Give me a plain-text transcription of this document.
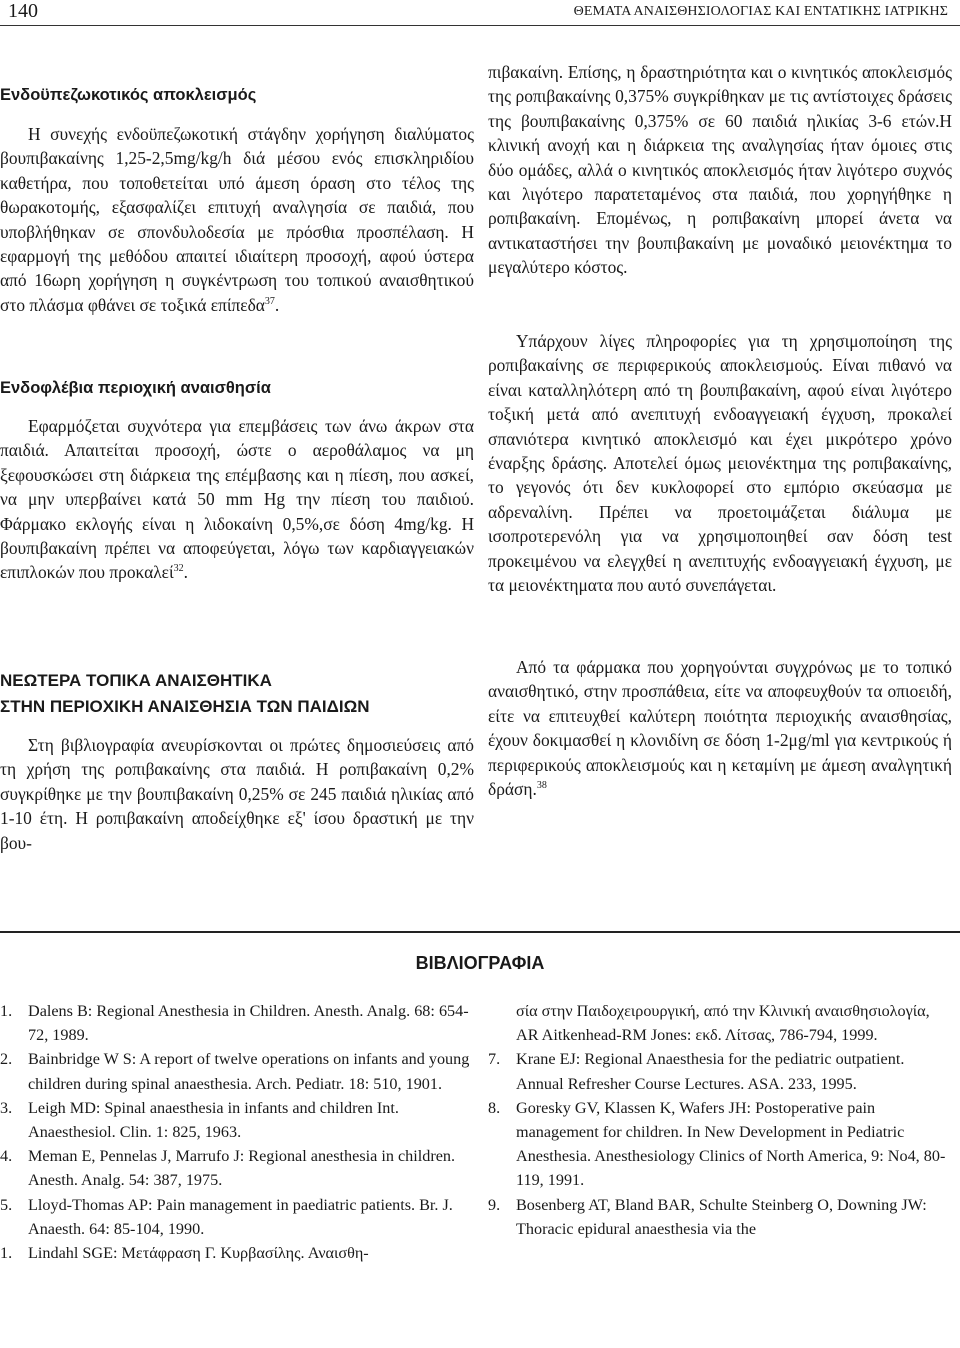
140	ΘΕΜΑΤΑ ΑΝΑΙΣΘΗΣΙΟΛΟΓΙΑΣ ΚΑΙ ΕΝΤΑΤΙΚΗΣ ΙΑΤΡΙΚΗΣ
Ενδοϋπεζωκοτικός αποκλεισμός

Η συνεχής ενδοϋπεζωκοτική στάγδην χορήγηση διαλύματος βουπιβακαίνης 1,25-2,5mg/kg/h διά μέσου ενός επισκληριδίου καθετήρα, που τοποθετείται υπό άμεση όραση στο τέλος της θωρακοτομής, εξασφαλίζει επιτυχή αναλγησία σε παιδιά, που υποβλήθηκαν σε σπονδυλοδεσία με πρόσθια προσπέλαση. Η εφαρμογή της μεθόδου απαιτεί ιδιαίτερη προσοχή, αφού ύστερα από 16ωρη χορήγηση η συγκέντρωση του τοπικού αναισθητικού στο πλάσμα φθάνει σε τοξικά επίπεδα$^{37}$.

Ενδοφλέβια περιοχική αναισθησία

Εφαρμόζεται συχνότερα για επεμβάσεις των άνω άκρων στα παιδιά. Απαιτείται προσοχή, ώστε ο αεροθάλαμος να μη ξεφουσκώσει στη διάρκεια της επέμβασης και η πίεση, που ασκεί, να μην υπερβαίνει κατά 50 mm Hg την πίεση του παιδιού. Φάρμακο εκλογής είναι η λιδοκαίνη 0,5%,σε δόση 4mg/kg. Η βουπιβακαίνη πρέπει να αποφεύγεται, λόγω των καρδιαγγειακών επιπλοκών που προκαλεί$^{32}$.

ΝΕΩΤΕΡΑ ΤΟΠΙΚΑ ΑΝΑΙΣΘΗΤΙΚΑ
ΣΤΗΝ ΠΕΡΙΟΧΙΚΗ ΑΝΑΙΣΘΗΣΙΑ ΤΩΝ ΠΑΙΔΙΩΝ

Στη βιβλιογραφία ανευρίσκονται οι πρώτες δημοσιεύσεις από τη χρήση της ροπιβακαίνης στα παιδιά. Η ροπιβακαίνη 0,2% συγκρίθηκε με την βουπιβακαίνη 0,25% σε 245 παιδιά ηλικίας από 1-10 έτη. Η ροπιβακαίνη αποδείχθηκε εξ' ίσου δραστική με την βου-

πιβακαίνη. Επίσης, η δραστηριότητα και ο κινητικός αποκλεισμός της ροπιβακαίνης 0,375% συγκρίθηκαν με τις αντίστοιχες δράσεις της βουπιβακαίνης 0,375% σε 60 παιδιά ηλικίας 3-6 ετών.Η κλινική ανοχή και η διάρκεια της αναλγησίας ήταν όμοιες στις δύο ομάδες, αλλά ο κινητικός αποκλεισμός ήταν λιγότερο συχνός και λιγότερο παρατεταμένος στα παιδιά, που χορηγήθηκε η ροπιβακαίνη. Επομένως, η ροπιβακαίνη μπορεί άνετα να αντικαταστήσει την βουπιβακαίνη με μοναδικό μειονέκτημα το μεγαλύτερο κόστος.

Υπάρχουν λίγες πληροφορίες για τη χρησιμοποίηση της ροπιβακαίνης σε περιφερικούς αποκλεισμούς. Είναι πιθανό να είναι καταλληλότερη από τη βουπιβακαίνη, αφού είναι λιγότερο τοξική μετά από ανεπιτυχή ενδοαγγειακή έγχυση, προκαλεί σπανιότερα κινητικό αποκλεισμό και έχει μικρότερο χρόνο έναρξης δράσης. Αποτελεί όμως μειονέκτημα της ροπιβακαίνης, το γεγονός ότι δεν κυκλοφορεί στο εμπόριο σκεύασμα με αδρεναλίνη. Πρέπει να προετοιμάζεται διάλυμα με ισοπροτερενόλη για να χρησιμοποιηθεί σαν δόση test προκειμένου να ελεγχθεί η ανεπιτυχής ενδοαγγειακή έγχυση, με τα μειονέκτηματα που αυτό συνεπάγεται.

Από τα φάρμακα που χορηγούνται συγχρόνως με το τοπικό αναισθητικό, στην προσπάθεια, είτε να αποφευχθούν τα οπιοειδή, είτε να επιτευχθεί καλύτερη ποιότητα περιοχικής αναισθησίας, έχουν δοκιμασθεί η κλονιδίνη σε δόση 1-2μg/ml για κεντρικούς ή περιφερικούς αποκλεισμούς και η κεταμίνη με άμεση αναλγητική δράση.$^{38}$

ΒΙΒΛΙΟΓΡΑΦΙΑ

1. Dalens B: Regional Anesthesia in Children. Anesth. Analg. 68: 654-72, 1989.

2. Bainbridge W S: A report of twelve operations on infants and young children during spinal anaesthesia. Arch. Pediatr. 18: 510, 1901.

3. Leigh MD: Spinal anaesthesia in infants and children Int. Anaesthesiol. Clin. 1: 825, 1963.

4. Meman E, Pennelas J, Marrufo J: Regional anesthesia in children. Anesth. Analg. 54: 387, 1975.

5. Lloyd-Thomas AP: Pain management in paediatric patients. Br. J. Anaesth. 64: 85-104, 1990.

1. Lindahl SGE: Μετάφραση Γ. Κυρβασίλης. Αναισθη-

σία στην Παιδοχειρουργική, από την Κλινική αναισθησιολογία, AR Aitkenhead-RM Jones: εκδ. Λίτσας, 786-794, 1999.

7. Krane EJ: Regional Anaesthesia for the pediatric outpatient. Annual Refresher Course Lectures. ASA. 233, 1995.

8. Goresky GV, Klassen K, Wafers JH: Postoperative pain management for children. In New Development in Pediatric Anesthesia. Anesthesiology Clinics of North America, 9: No4, 80-119, 1991.

9. Bosenberg AT, Bland BAR, Schulte Steinberg O, Downing JW: Thoracic epidural anaesthesia via the
